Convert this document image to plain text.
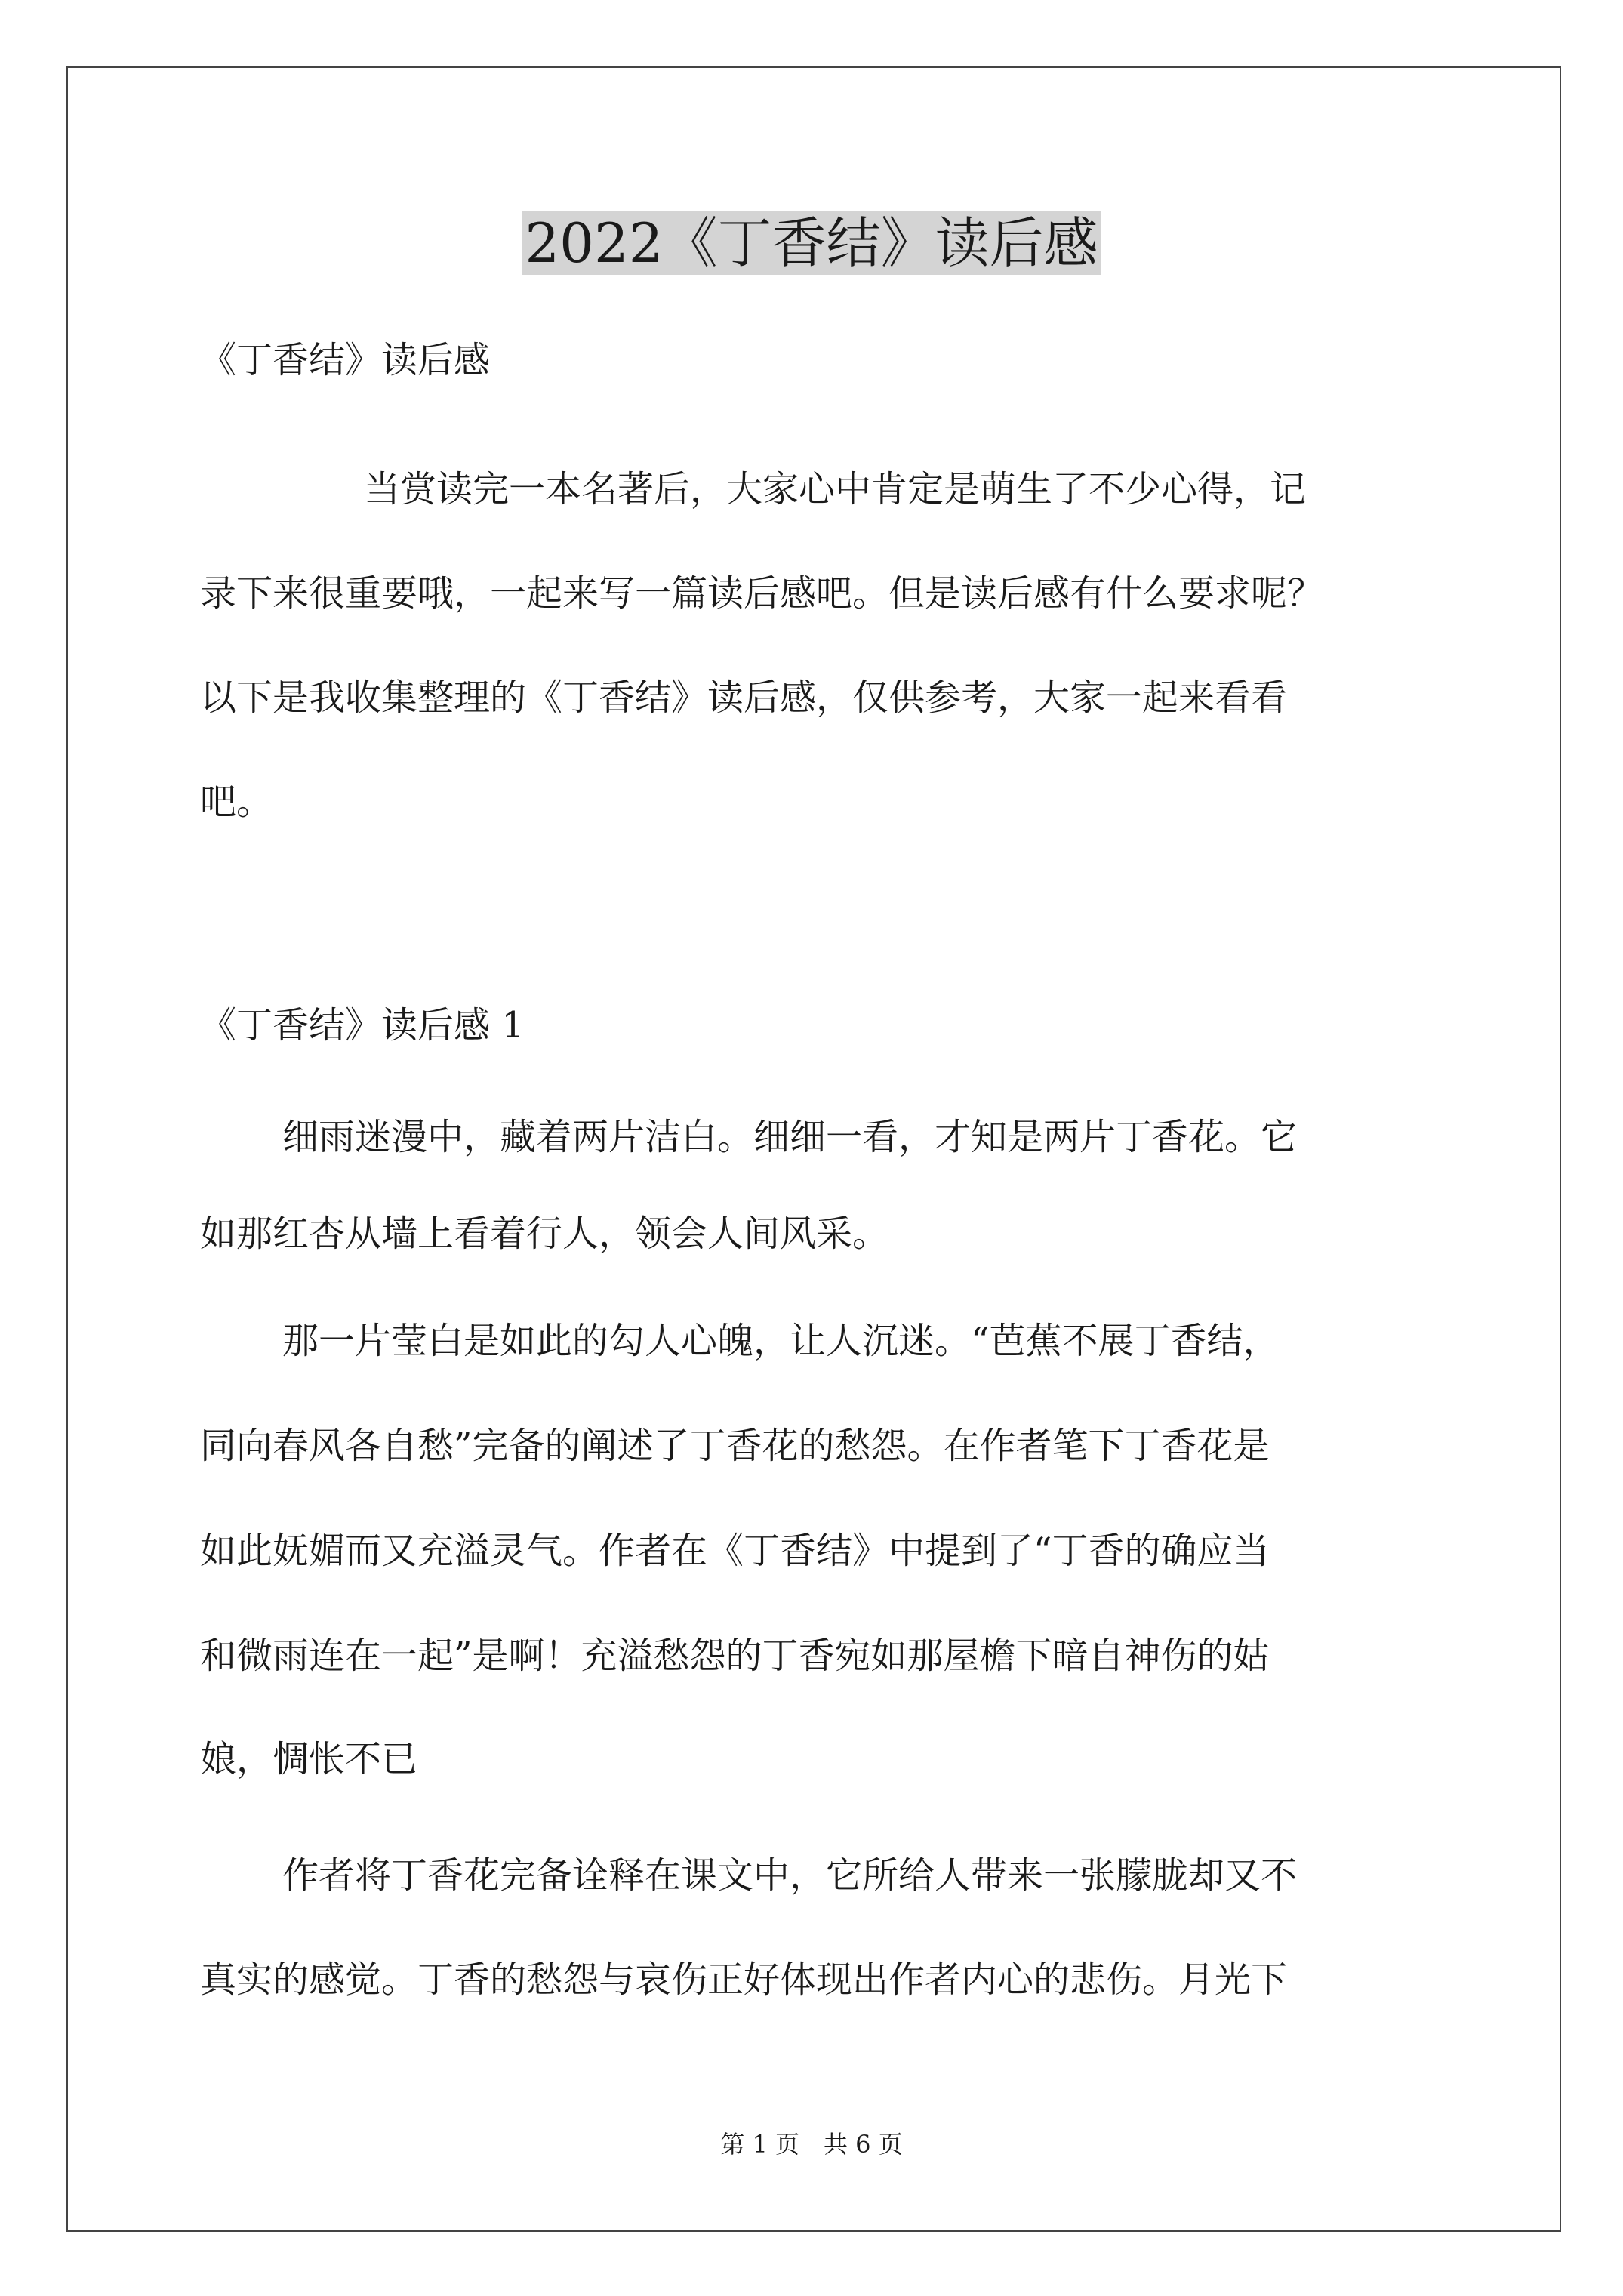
2022《丁香结》读后感
《丁香结》读后感
当赏读完一本名著后，大家心中肯定是萌生了不少心得，记
录下来很重要哦，一起来写一篇读后感吧。但是读后感有什么要求呢？
以下是我收集整理的《丁香结》读后感，仅供参考，大家一起来看看
吧。
《丁香结》读后感 1
细雨迷漫中，藏着两片洁白。细细一看，才知是两片丁香花。它
如那红杏从墙上看着行人，领会人间风采。
那一片莹白是如此的勾人心魄，让人沉迷。“芭蕉不展丁香结，
同向春风各自愁”完备的阐述了丁香花的愁怨。在作者笔下丁香花是
如此妩媚而又充溢灵气。作者在《丁香结》中提到了“丁香的确应当
和微雨连在一起”是啊！充溢愁怨的丁香宛如那屋檐下暗自神伤的姑
娘，惆怅不已
作者将丁香花完备诠释在课文中，它所给人带来一张朦胧却又不
真实的感觉。丁香的愁怨与哀伤正好体现出作者内心的悲伤。月光下
第 1 页　共 6 页
